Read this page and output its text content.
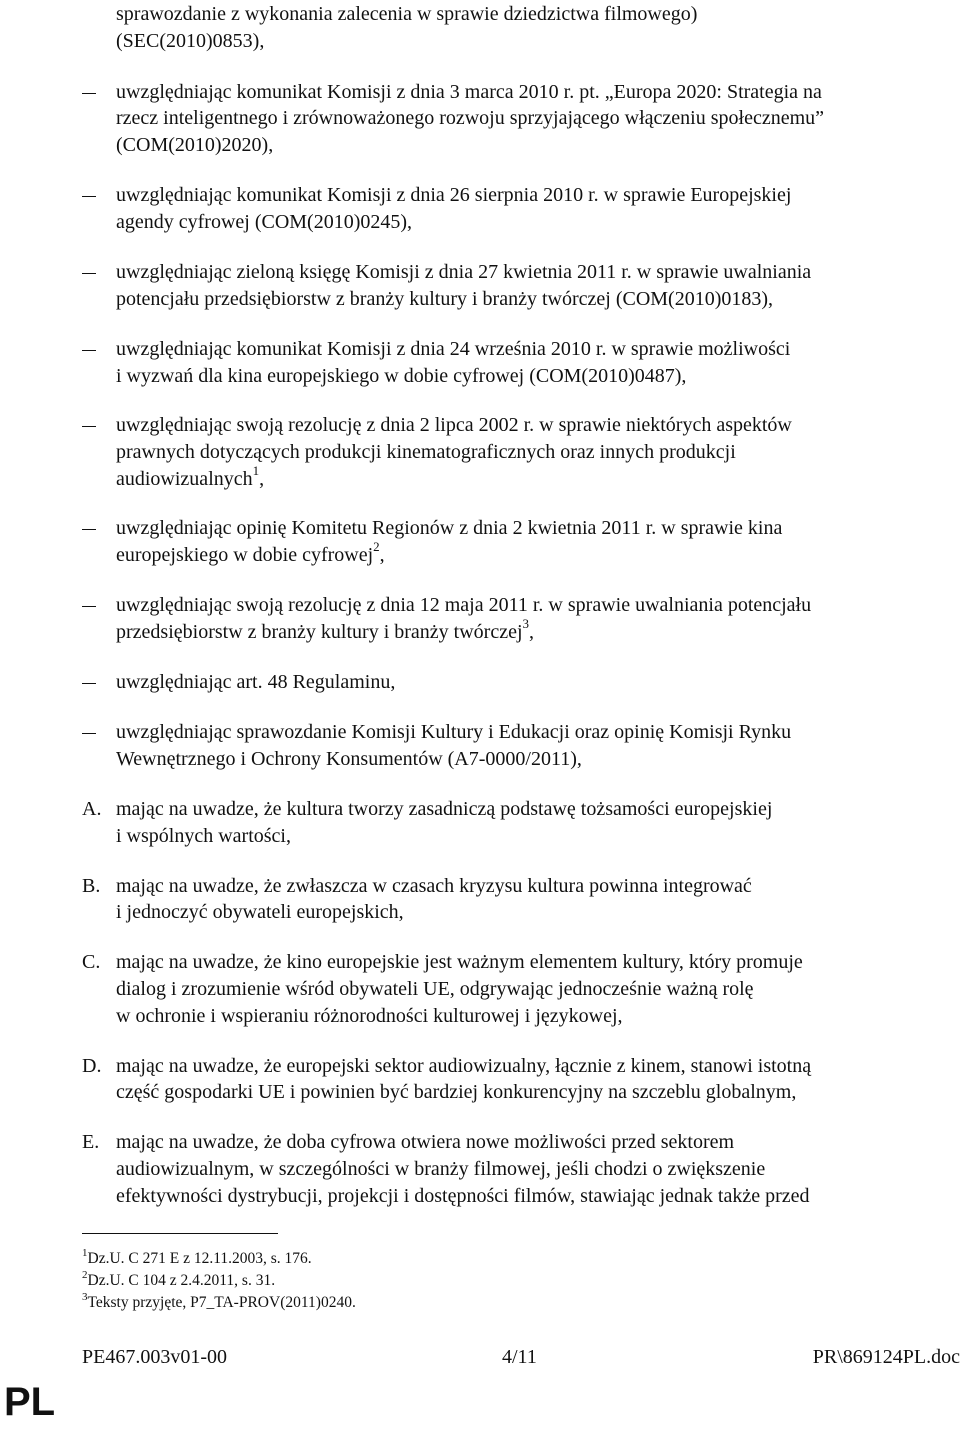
sprawozdanie z wykonania zalecenia w sprawie dziedzictwa filmowego)
(SEC(2010)0853),
uwzględniając komunikat Komisji z dnia 3 marca 2010 r. pt. „Europa 2020: Strategia na
rzecz inteligentnego i zrównoważonego rozwoju sprzyjającego włączeniu społecznemu”
(COM(2010)2020),
uwzględniając komunikat Komisji z dnia 26 sierpnia 2010 r. w sprawie Europejskiej
agendy cyfrowej (COM(2010)0245),
uwzględniając zieloną księgę Komisji z dnia 27 kwietnia 2011 r. w sprawie uwalniania
potencjału przedsiębiorstw z branży kultury i branży twórczej (COM(2010)0183),
uwzględniając komunikat Komisji z dnia 24 września 2010 r. w sprawie możliwości
i wyzwań dla kina europejskiego w dobie cyfrowej (COM(2010)0487),
uwzględniając swoją rezolucję z dnia 2 lipca 2002 r. w sprawie niektórych aspektów
prawnych dotyczących produkcji kinematograficznych oraz innych produkcji
audiowizualnych$^1$,
uwzględniając opinię Komitetu Regionów z dnia 2 kwietnia 2011 r. w sprawie kina
europejskiego w dobie cyfrowej$^2$,
uwzględniając swoją rezolucję z dnia 12 maja 2011 r. w sprawie uwalniania potencjału
przedsiębiorstw z branży kultury i branży twórczej$^3$,
uwzględniając art. 48 Regulaminu,
uwzględniając sprawozdanie Komisji Kultury i Edukacji oraz opinię Komisji Rynku
Wewnętrznego i Ochrony Konsumentów (A7-0000/2011),
A. mając na uwadze, że kultura tworzy zasadniczą podstawę tożsamości europejskiej
i wspólnych wartości,
B. mając na uwadze, że zwłaszcza w czasach kryzysu kultura powinna integrować
i jednoczyć obywateli europejskich,
C. mając na uwadze, że kino europejskie jest ważnym elementem kultury, który promuje
dialog i zrozumienie wśród obywateli UE, odgrywając jednocześnie ważną rolę
w ochronie i wspieraniu różnorodności kulturowej i językowej,
D. mając na uwadze, że europejski sektor audiowizualny, łącznie z kinem, stanowi istotną
część gospodarki UE i powinien być bardziej konkurencyjny na szczeblu globalnym,
E. mając na uwadze, że doba cyfrowa otwiera nowe możliwości przed sektorem
audiowizualnym, w szczególności w branży filmowej, jeśli chodzi o zwiększenie
efektywności dystrybucji, projekcji i dostępności filmów, stawiając jednak także przed
$^1$Dz.U. C 271 E z 12.11.2003, s. 176.
$^2$Dz.U. C 104 z 2.4.2011, s. 31.
$^3$Teksty przyjęte, P7_TA-PROV(2011)0240.
PE467.003v01-00	4/11	PR\869124PL.doc
PL
